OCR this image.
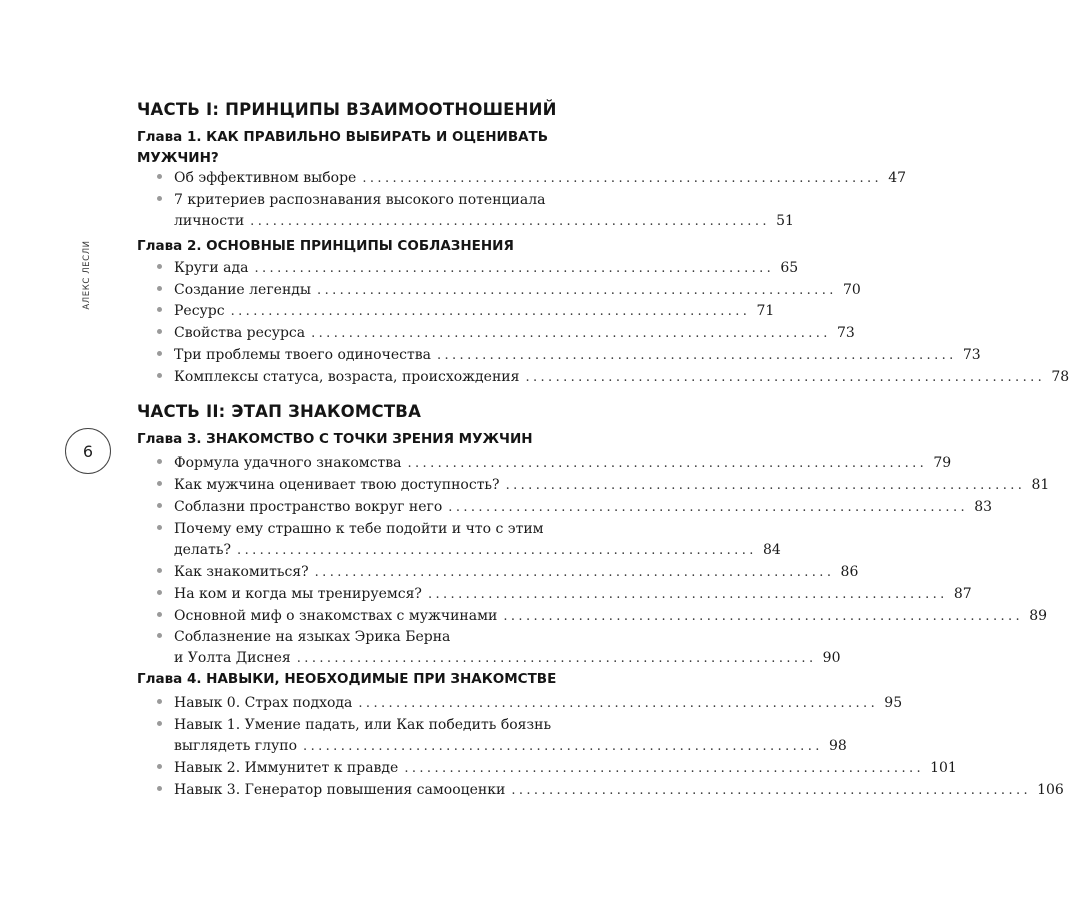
АЛЕКС ЛЕСЛИ
6
ЧАСТЬ I: ПРИНЦИПЫ ВЗАИМООТНОШЕНИЙ
Глава 1. КАК ПРАВИЛЬНО ВЫБИРАТЬ И ОЦЕНИВАТЬ МУЖЧИН?
Об эффективном выборе ..................................................................... 47
7 критериев распознавания высокого потенциала
личности ..................................................................... 51
Глава 2. ОСНОВНЫЕ ПРИНЦИПЫ СОБЛАЗНЕНИЯ
Круги ада ..................................................................... 65
Создание легенды ..................................................................... 70
Ресурс ..................................................................... 71
Свойства ресурса ..................................................................... 73
Три проблемы твоего одиночества ..................................................................... 73
Комплексы статуса, возраста, происхождения ..................................................................... 78
ЧАСТЬ II: ЭТАП ЗНАКОМСТВА
Глава 3. ЗНАКОМСТВО С ТОЧКИ ЗРЕНИЯ МУЖЧИН
Формула удачного знакомства ..................................................................... 79
Как мужчина оценивает твою доступность? ..................................................................... 81
Соблазни пространство вокруг него ..................................................................... 83
Почему ему страшно к тебе подойти и что с этим
делать? ..................................................................... 84
Как знакомиться? ..................................................................... 86
На ком и когда мы тренируемся? ..................................................................... 87
Основной миф о знакомствах с мужчинами ..................................................................... 89
Соблазнение на языках Эрика Берна
и Уолта Диснея ..................................................................... 90
Глава 4. НАВЫКИ, НЕОБХОДИМЫЕ ПРИ ЗНАКОМСТВЕ
Навык 0. Страх подхода ..................................................................... 95
Навык 1. Умение падать, или Как победить боязнь
выглядеть глупо ..................................................................... 98
Навык 2. Иммунитет к правде ..................................................................... 101
Навык 3. Генератор повышения самооценки ..................................................................... 106
